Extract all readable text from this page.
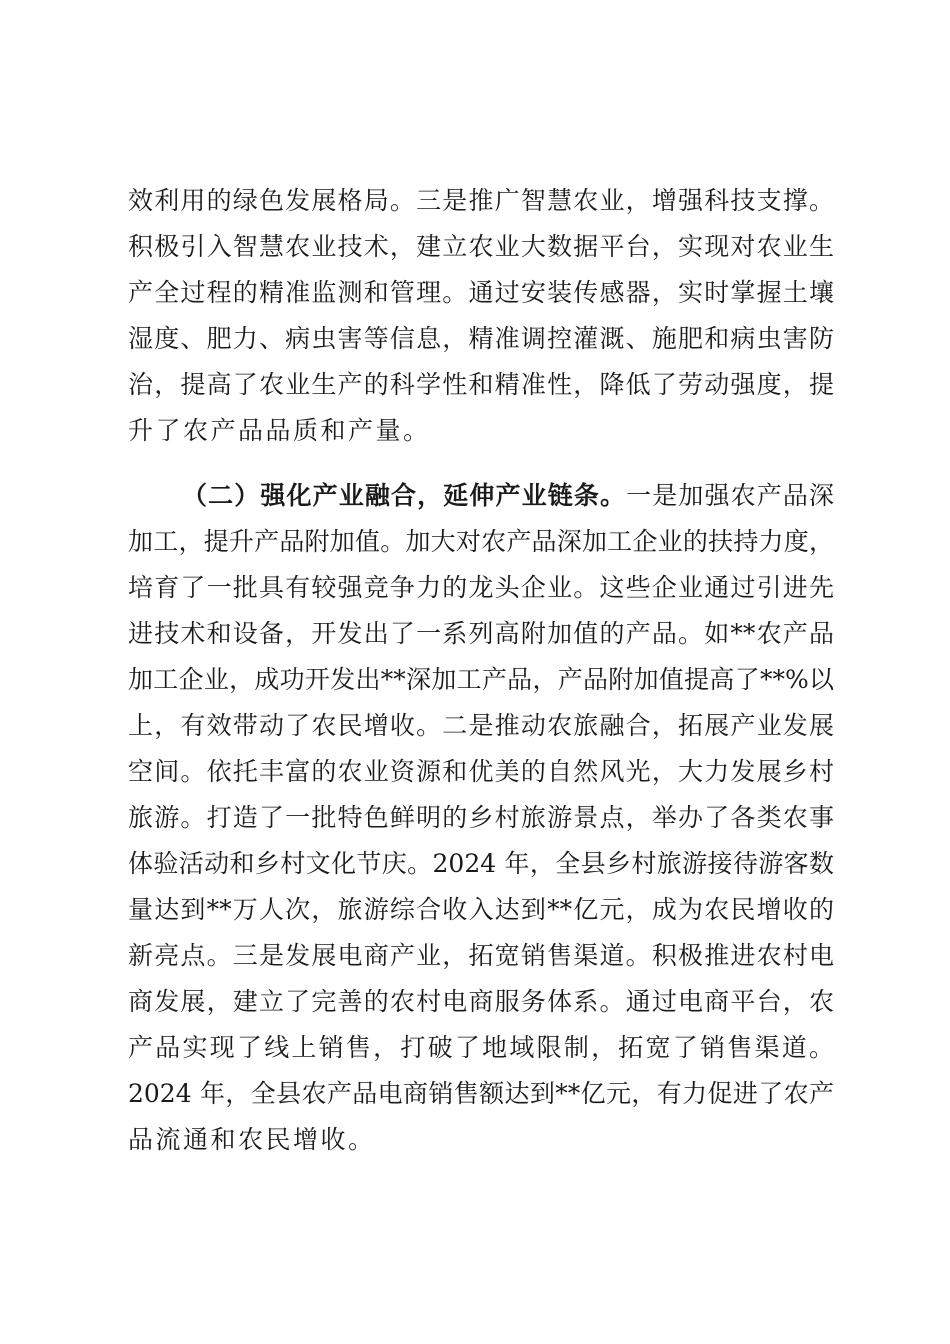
效利用的绿色发展格局。三是推广智慧农业，增强科技支撑。
积极引入智慧农业技术，建立农业大数据平台，实现对农业生
产全过程的精准监测和管理。通过安装传感器，实时掌握土壤
湿度、肥力、病虫害等信息，精准调控灌溉、施肥和病虫害防
治，提高了农业生产的科学性和精准性，降低了劳动强度，提
升了农产品品质和产量。
（二）强化产业融合，延伸产业链条。一是加强农产品深
加工，提升产品附加值。加大对农产品深加工企业的扶持力度，
培育了一批具有较强竞争力的龙头企业。这些企业通过引进先
进技术和设备，开发出了一系列高附加值的产品。如**农产品
加工企业，成功开发出**深加工产品，产品附加值提高了**%以
上，有效带动了农民增收。二是推动农旅融合，拓展产业发展
空间。依托丰富的农业资源和优美的自然风光，大力发展乡村
旅游。打造了一批特色鲜明的乡村旅游景点，举办了各类农事
体验活动和乡村文化节庆。2024 年，全县乡村旅游接待游客数
量达到**万人次，旅游综合收入达到**亿元，成为农民增收的
新亮点。三是发展电商产业，拓宽销售渠道。积极推进农村电
商发展，建立了完善的农村电商服务体系。通过电商平台，农
产品实现了线上销售，打破了地域限制，拓宽了销售渠道。
2024 年，全县农产品电商销售额达到**亿元，有力促进了农产
品流通和农民增收。
